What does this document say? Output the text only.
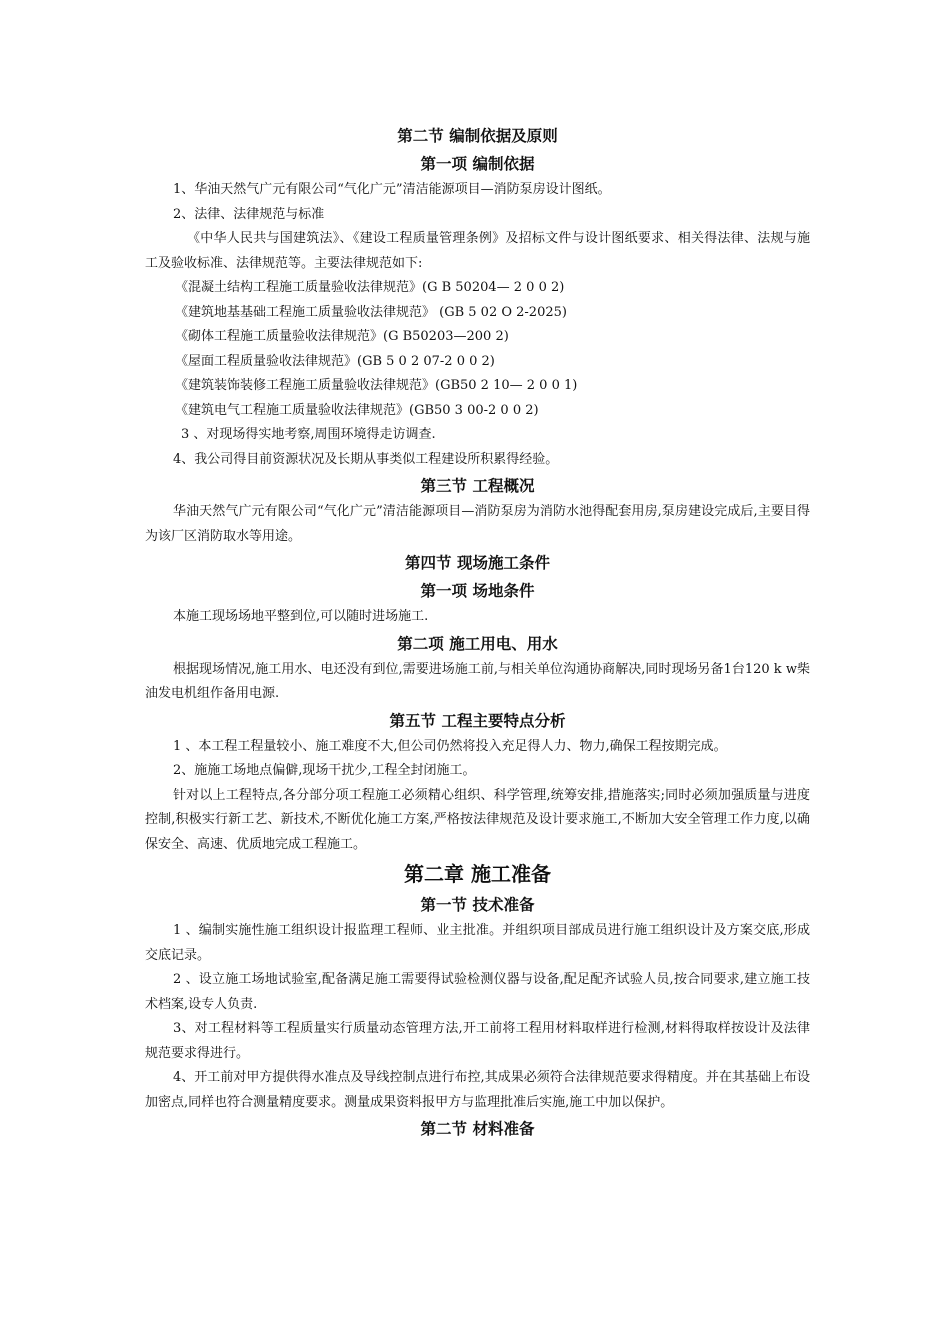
第二节 编制依据及原则
第一项 编制依据

1、华油天然气广元有限公司“气化广元”清洁能源项目—消防泵房设计图纸。

2、法律、法律规范与标准

《中华人民共与国建筑法》、《建设工程质量管理条例》及招标文件与设计图纸要求、相关得法律、法规与施工及验收标准、法律规范等。主要法律规范如下:

《混凝土结构工程施工质量验收法律规范》(G B 50204— 2 0 0 2)

《建筑地基基础工程施工质量验收法律规范》 (GB 5 02 O 2-2025)

《砌体工程施工质量验收法律规范》(G B50203—200 2)

《屋面工程质量验收法律规范》(GB 5 0 2 07-2 0 0 2)

《建筑装饰装修工程施工质量验收法律规范》(GB50 2 10— 2 0 0 1)

《建筑电气工程施工质量验收法律规范》(GB50 3 00-2 0 0 2)

3 、对现场得实地考察,周围环境得走访调查.

4、我公司得目前资源状况及长期从事类似工程建设所积累得经验。

第三节 工程概况

华油天然气广元有限公司“气化广元”清洁能源项目—消防泵房为消防水池得配套用房,泵房建设完成后,主要目得为该厂区消防取水等用途。

第四节 现场施工条件
第一项 场地条件

本施工现场场地平整到位,可以随时进场施工.

第二项 施工用电、用水

根据现场情况,施工用水、电还没有到位,需要进场施工前,与相关单位沟通协商解决,同时现场另备1台120 k w柴油发电机组作备用电源.

第五节 工程主要特点分析

1 、本工程工程量较小、施工难度不大,但公司仍然将投入充足得人力、物力,确保工程按期完成。

2、施施工场地点偏僻,现场干扰少,工程全封闭施工。

针对以上工程特点,各分部分项工程施工必须精心组织、科学管理,统筹安排,措施落实;同时必须加强质量与进度控制,积极实行新工艺、新技术,不断优化施工方案,严格按法律规范及设计要求施工,不断加大安全管理工作力度,以确保安全、高速、优质地完成工程施工。

第二章 施工准备
第一节 技术准备

1 、编制实施性施工组织设计报监理工程师、业主批准。并组织项目部成员进行施工组织设计及方案交底,形成交底记录。

2 、设立施工场地试验室,配备满足施工需要得试验检测仪器与设备,配足配齐试验人员,按合同要求,建立施工技术档案,设专人负责.

3、对工程材料等工程质量实行质量动态管理方法,开工前将工程用材料取样进行检测,材料得取样按设计及法律规范要求得进行。

4、开工前对甲方提供得水准点及导线控制点进行布控,其成果必须符合法律规范要求得精度。并在其基础上布设加密点,同样也符合测量精度要求。测量成果资料报甲方与监理批准后实施,施工中加以保护。

第二节 材料准备
